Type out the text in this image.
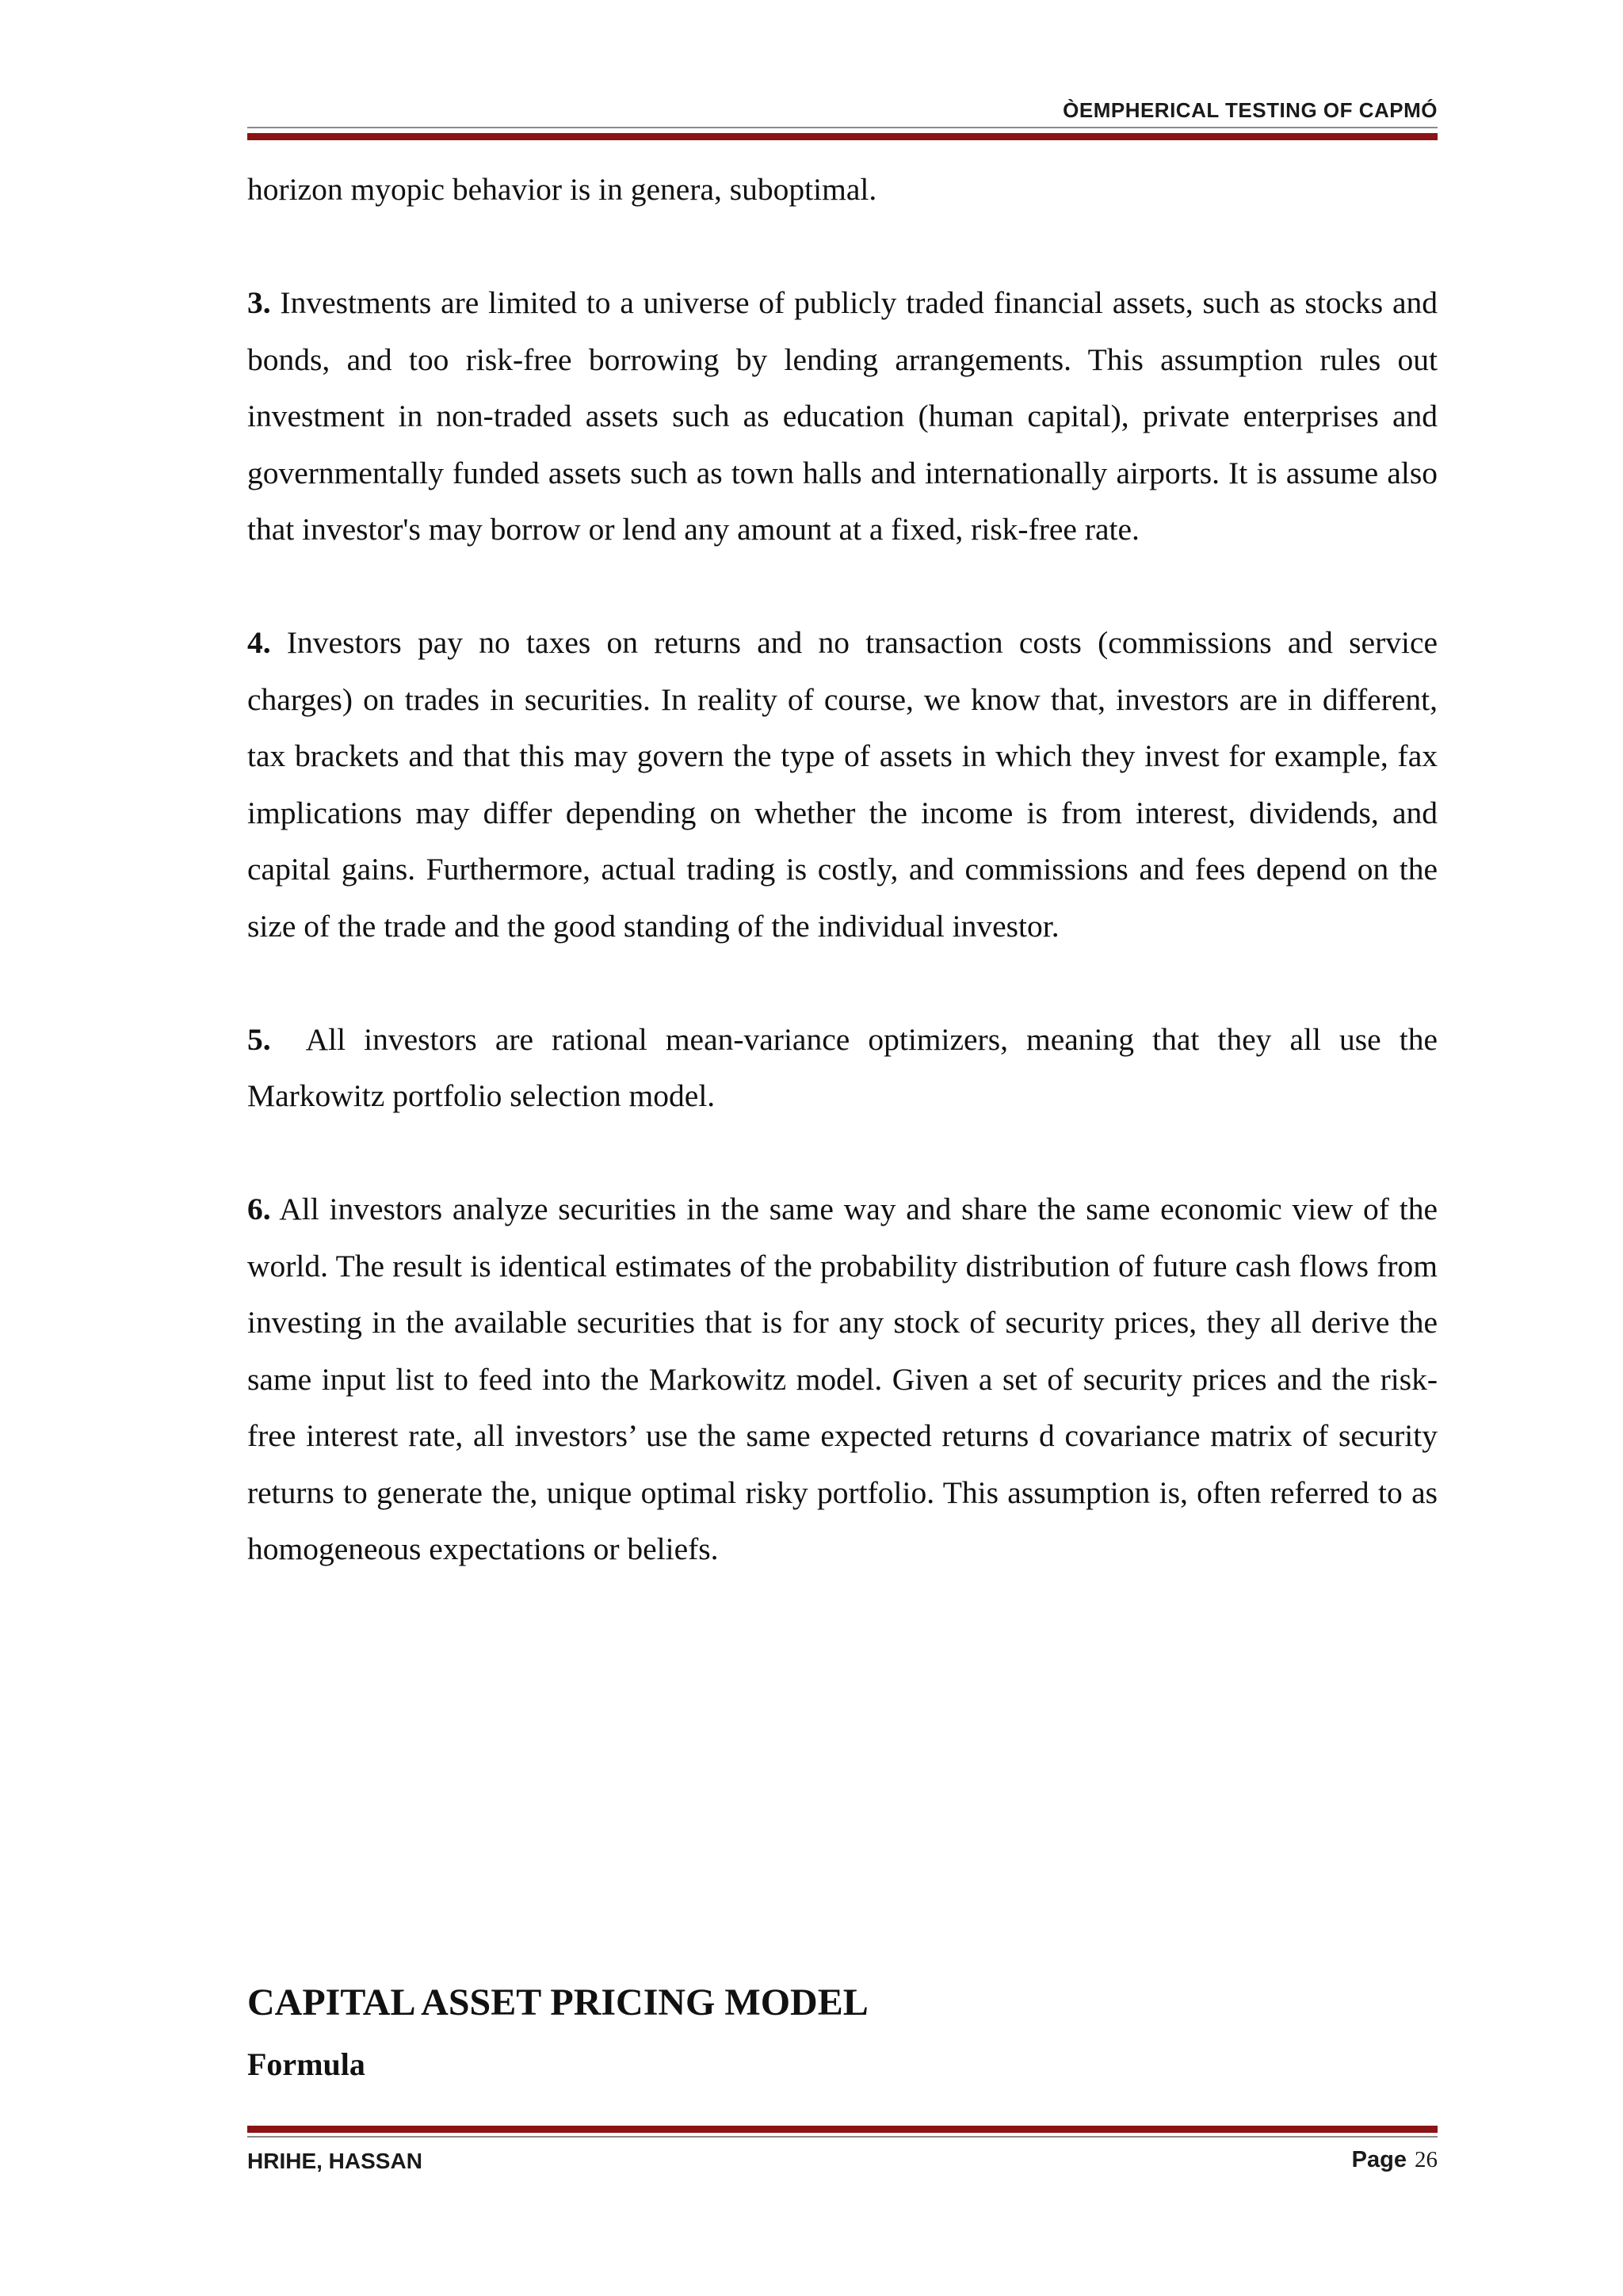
ÒEMPHERICAL TESTING OF CAPMÓ

horizon myopic behavior is in genera, suboptimal.

3. Investments are limited to a universe of publicly traded financial assets, such as stocks and bonds, and too risk-free borrowing by lending arrangements. This assumption rules out investment in non-traded assets such as education (human capital), private enterprises and governmentally funded assets such as town halls and internationally airports. It is assume also that investor's may borrow or lend any amount at a fixed, risk-free rate.

4. Investors pay no taxes on returns and no transaction costs (commissions and service charges) on trades in securities. In reality of course, we know that, investors are in different, tax brackets and that this may govern the type of assets in which they invest for example, fax implications may differ depending on whether the income is from interest, dividends, and capital gains. Furthermore, actual trading is costly, and commissions and fees depend on the size of the trade and the good standing of the individual investor.

5. All investors are rational mean-variance optimizers, meaning that they all use the Markowitz portfolio selection model.

6. All investors analyze securities in the same way and share the same economic view of the world. The result is identical estimates of the probability distribution of future cash flows from investing in the available securities that is for any stock of security prices, they all derive the same input list to feed into the Markowitz model. Given a set of security prices and the risk-free interest rate, all investors’ use the same expected returns d covariance matrix of security returns to generate the, unique optimal risky portfolio. This assumption is, often referred to as homogeneous expectations or beliefs.

CAPITAL ASSET PRICING MODEL
Formula
HRIHE, HASSAN	Page 26
